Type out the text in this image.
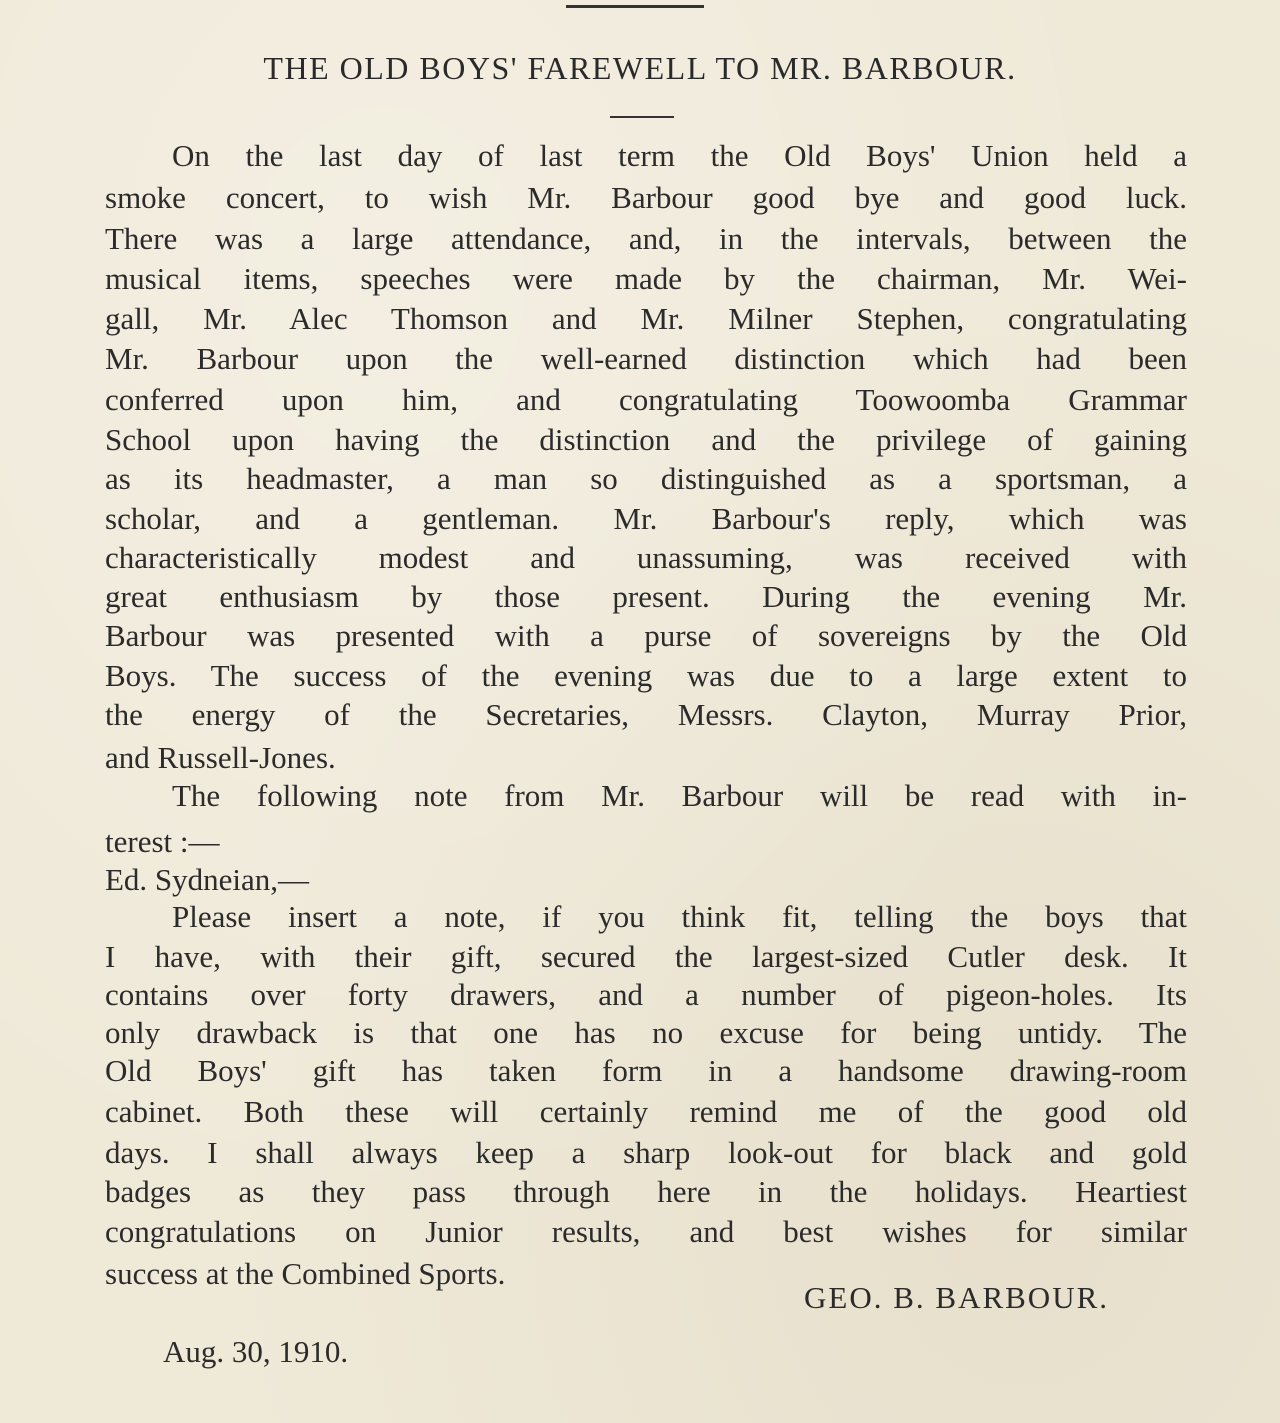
THE OLD BOYS' FAREWELL TO MR. BARBOUR.
On the last day of last term the Old Boys' Union held a
smoke concert, to wish Mr. Barbour good bye and good luck.
There was a large attendance, and, in the intervals, between the
musical items, speeches were made by the chairman, Mr. Wei-
gall, Mr. Alec Thomson and Mr. Milner Stephen, congratulating
Mr. Barbour upon the well-earned distinction which had been
conferred upon him, and congratulating Toowoomba Grammar
School upon having the distinction and the privilege of gaining
as its headmaster, a man so distinguished as a sportsman, a
scholar, and a gentleman. Mr. Barbour's reply, which was
characteristically modest and unassuming, was received with
great enthusiasm by those present. During the evening Mr.
Barbour was presented with a purse of sovereigns by the Old
Boys. The success of the evening was due to a large extent to
the energy of the Secretaries, Messrs. Clayton, Murray Prior,
and Russell-Jones.
The following note from Mr. Barbour will be read with in-
terest :—
Ed. Sydneian,—
Please insert a note, if you think fit, telling the boys that
I have, with their gift, secured the largest-sized Cutler desk. It
contains over forty drawers, and a number of pigeon-holes. Its
only drawback is that one has no excuse for being untidy. The
Old Boys' gift has taken form in a handsome drawing-room
cabinet. Both these will certainly remind me of the good old
days. I shall always keep a sharp look-out for black and gold
badges as they pass through here in the holidays. Heartiest
congratulations on Junior results, and best wishes for similar
success at the Combined Sports.
GEO. B. BARBOUR.
Aug. 30, 1910.
